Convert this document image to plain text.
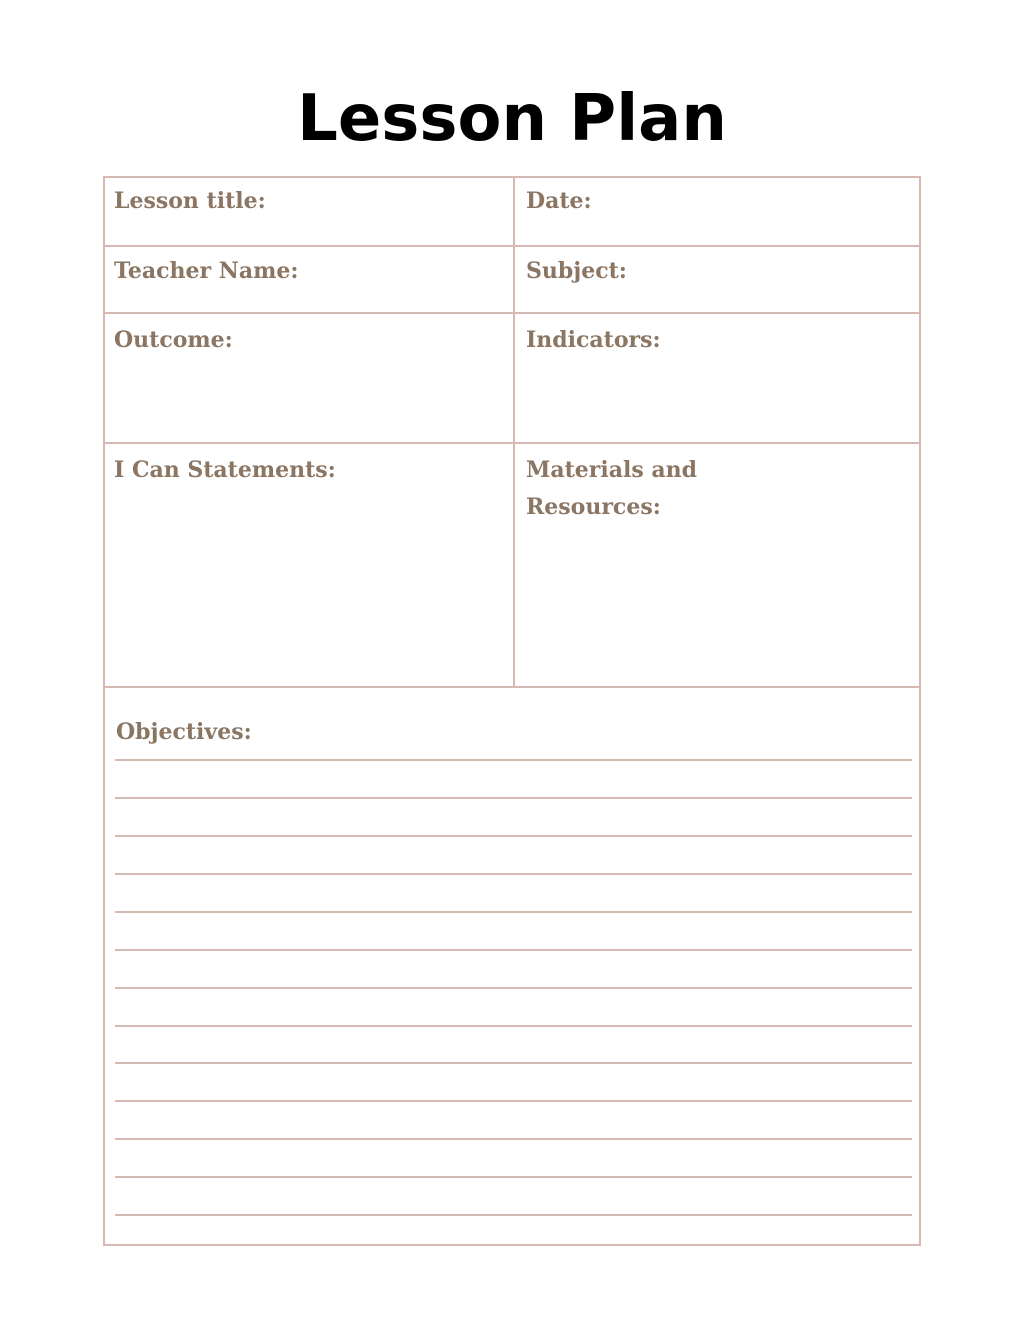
Lesson Plan
Lesson title:	Date:
Teacher Name:	Subject:
Outcome:	Indicators:
I Can Statements:	Materials and
Resources:
Objectives:
